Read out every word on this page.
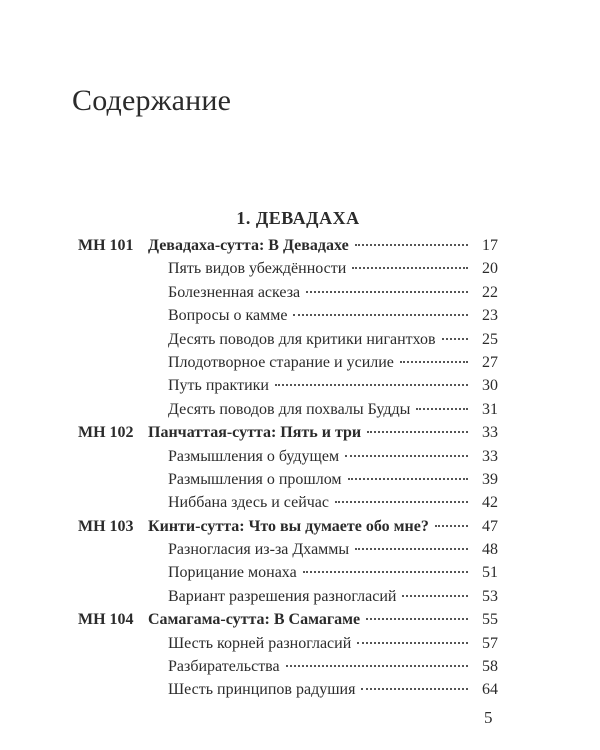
Содержание
1. ДЕВАДАХА
МН 101 Девадаха-сутта: В Девадахе	17
Пять видов убеждённости	20
Болезненная аскеза	22
Вопросы о камме	23
Десять поводов для критики нигантхов	25
Плодотворное старание и усилие	27
Путь практики	30
Десять поводов для похвалы Будды	31
МН 102 Панчаттая-сутта: Пять и три	33
Размышления о будущем	33
Размышления о прошлом	39
Ниббана здесь и сейчас	42
МН 103 Кинти-сутта: Что вы думаете обо мне?	47
Разногласия из-за Дхаммы	48
Порицание монаха	51
Вариант разрешения разногласий	53
МН 104 Самагама-сутта: В Самагаме	55
Шесть корней разногласий	57
Разбирательства	58
Шесть принципов радушия	64
5
